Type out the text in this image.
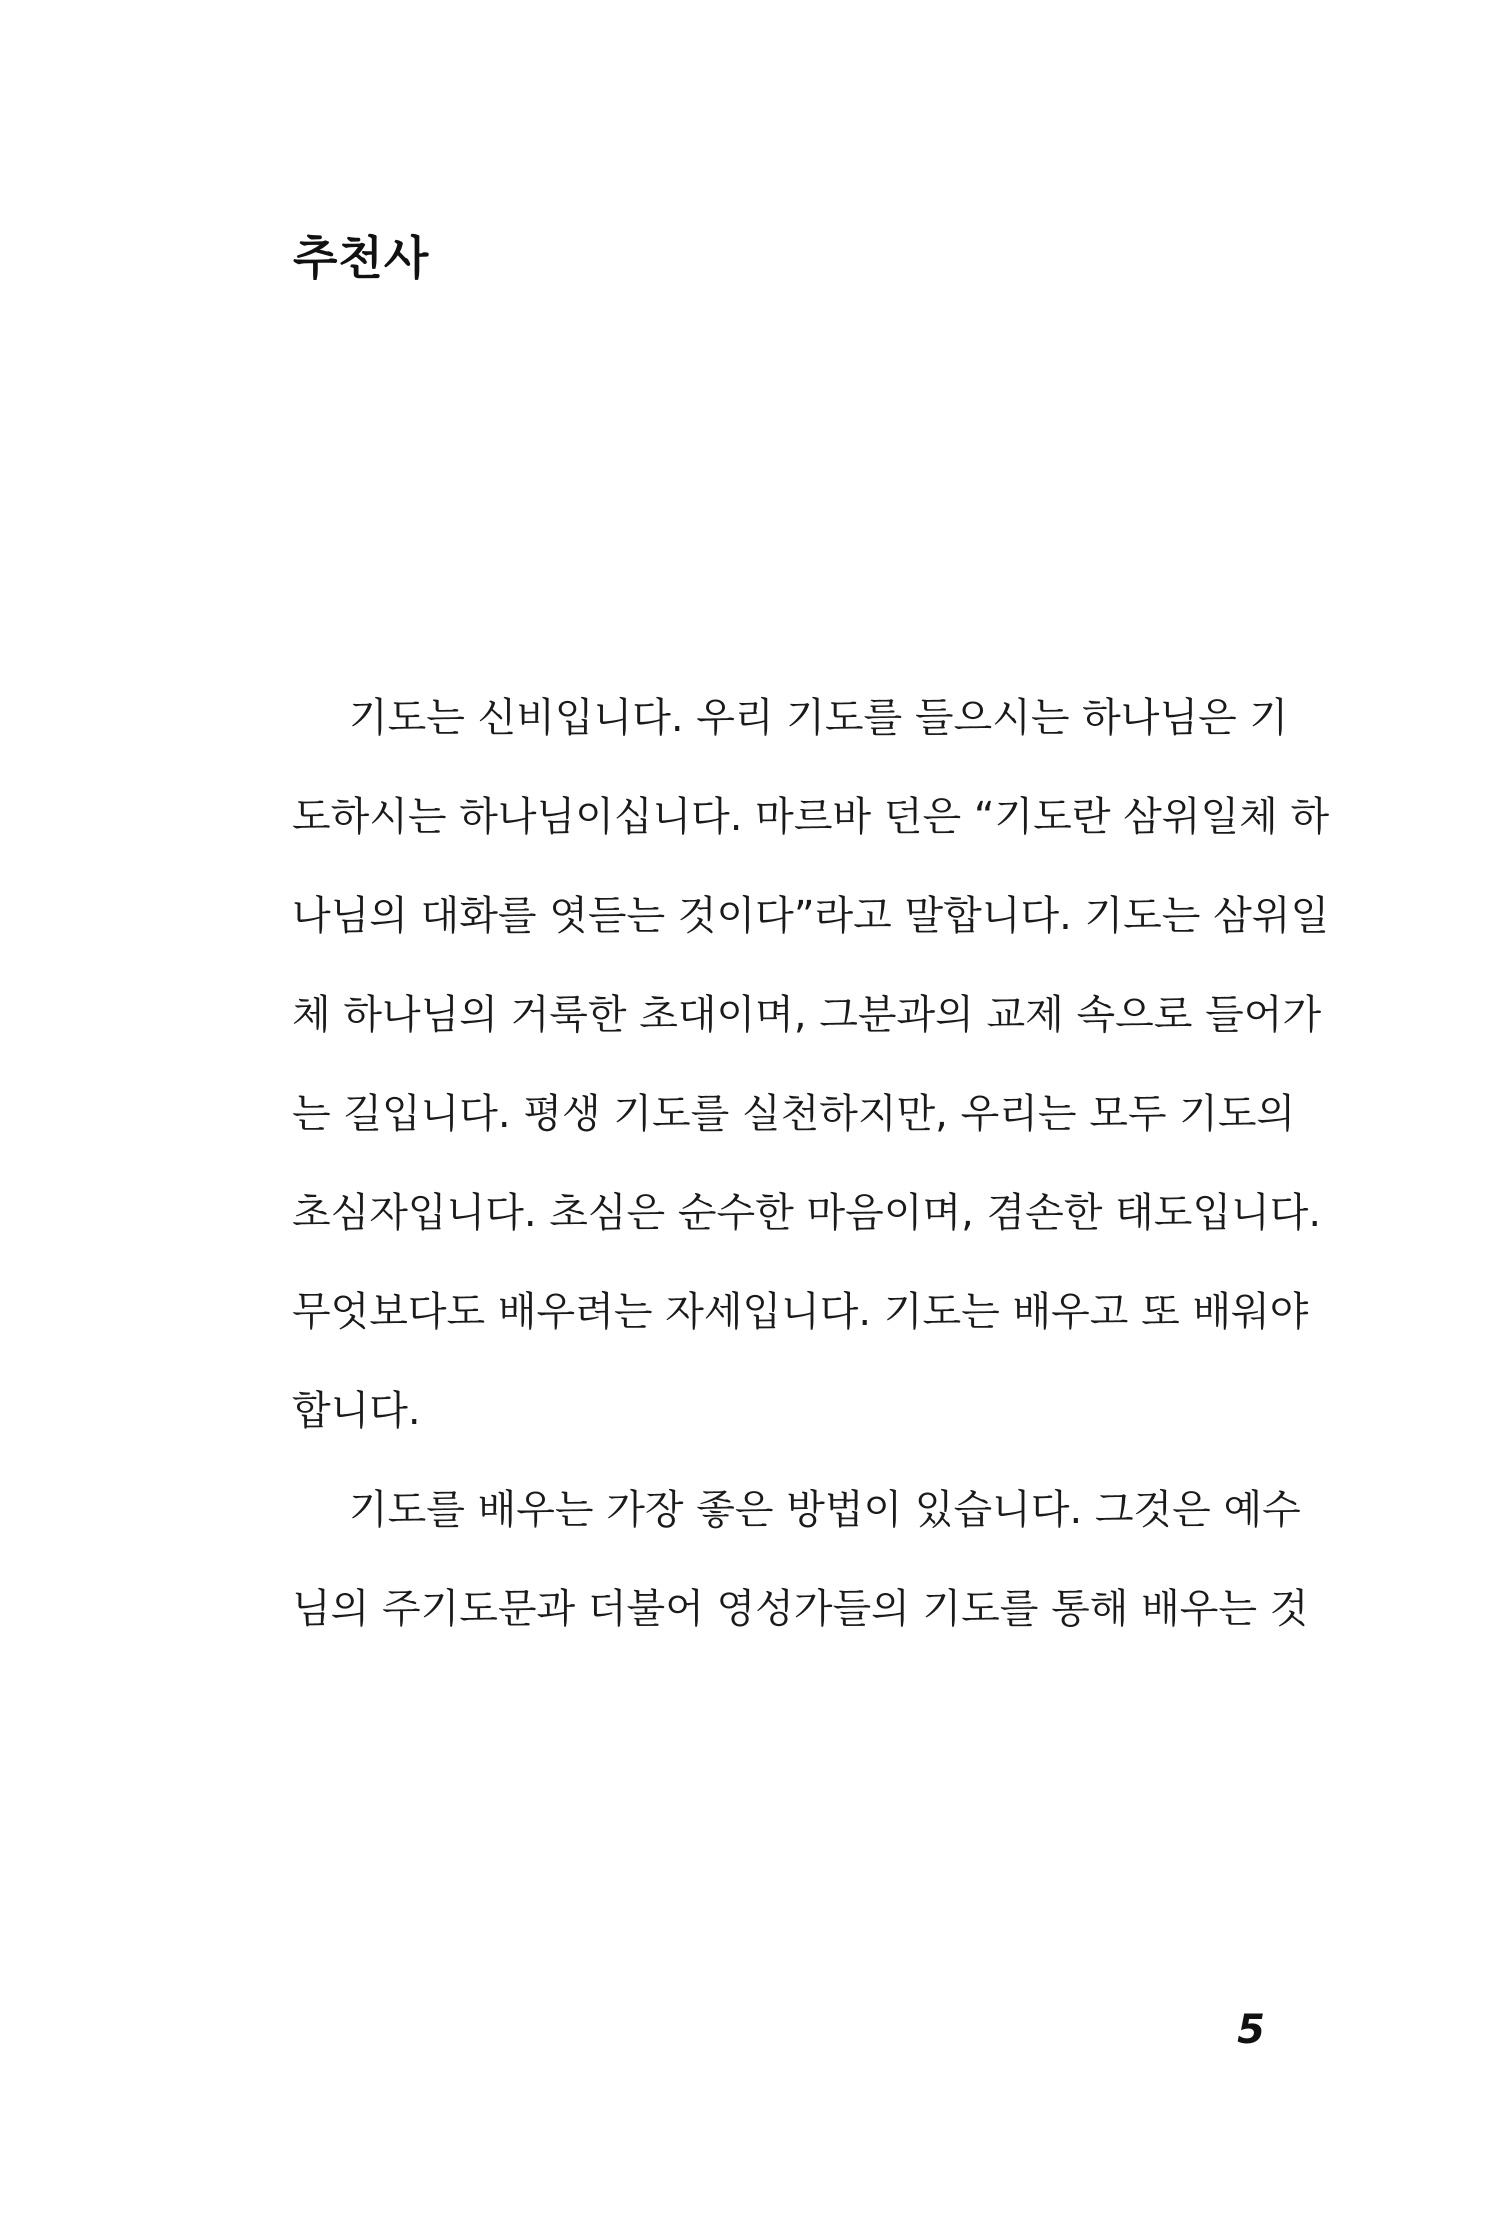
추천사
기도는 신비입니다. 우리 기도를 들으시는 하나님은 기
도하시는 하나님이십니다. 마르바 던은 “기도란 삼위일체 하
나님의 대화를 엿듣는 것이다”라고 말합니다. 기도는 삼위일
체 하나님의 거룩한 초대이며, 그분과의 교제 속으로 들어가
는 길입니다. 평생 기도를 실천하지만, 우리는 모두 기도의
초심자입니다. 초심은 순수한 마음이며, 겸손한 태도입니다.
무엇보다도 배우려는 자세입니다. 기도는 배우고 또 배워야
합니다.
기도를 배우는 가장 좋은 방법이 있습니다. 그것은 예수
님의 주기도문과 더불어 영성가들의 기도를 통해 배우는 것
5
